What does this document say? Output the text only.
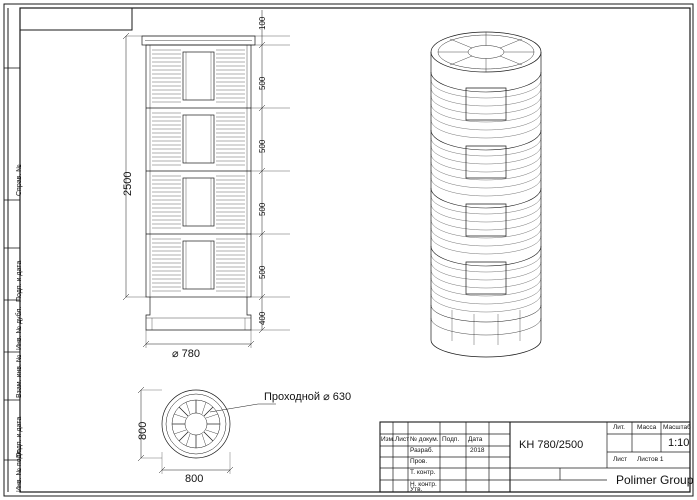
Справ. №
Подп. и дата
Инв. № дубл.
Взам. инв. №
Подп. и дата
Инв. № подл.
100
500
500
500
500
400
2500
⌀ 780
800
800
Проходной ⌀ 630
Изм. Лист № докум. Подп. Дата
Разраб.
Пров.
Т. контр.
Н. контр.
Утв.
2018
Лит. Масса Масштаб
Лист Листов 1
KH 780/2500	1:10
Polimer Group
